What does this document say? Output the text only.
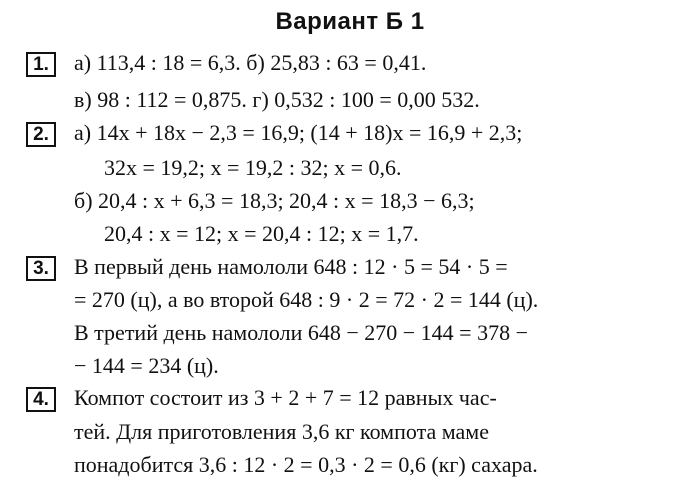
Вариант Б 1
1.	а) 113,4 : 18 = 6,3. б) 25,83 : 63 = 0,41.
в) 98 : 112 = 0,875. г) 0,532 : 100 = 0,00 532.
2.	а) 14x + 18x − 2,3 = 16,9; (14 + 18)x = 16,9 + 2,3;
32x = 19,2; x = 19,2 : 32; x = 0,6.
б) 20,4 : x + 6,3 = 18,3; 20,4 : x = 18,3 − 6,3;
20,4 : x = 12; x = 20,4 : 12; x = 1,7.
3.	В первый день намололи 648 : 12 · 5 = 54 · 5 =
= 270 (ц), а во второй 648 : 9 · 2 = 72 · 2 = 144 (ц).
В третий день намололи 648 − 270 − 144 = 378 −
− 144 = 234 (ц).
4.	Компот состоит из 3 + 2 + 7 = 12 равных час-
тей. Для приготовления 3,6 кг компота маме
понадобится 3,6 : 12 · 2 = 0,3 · 2 = 0,6 (кг) сахара.
